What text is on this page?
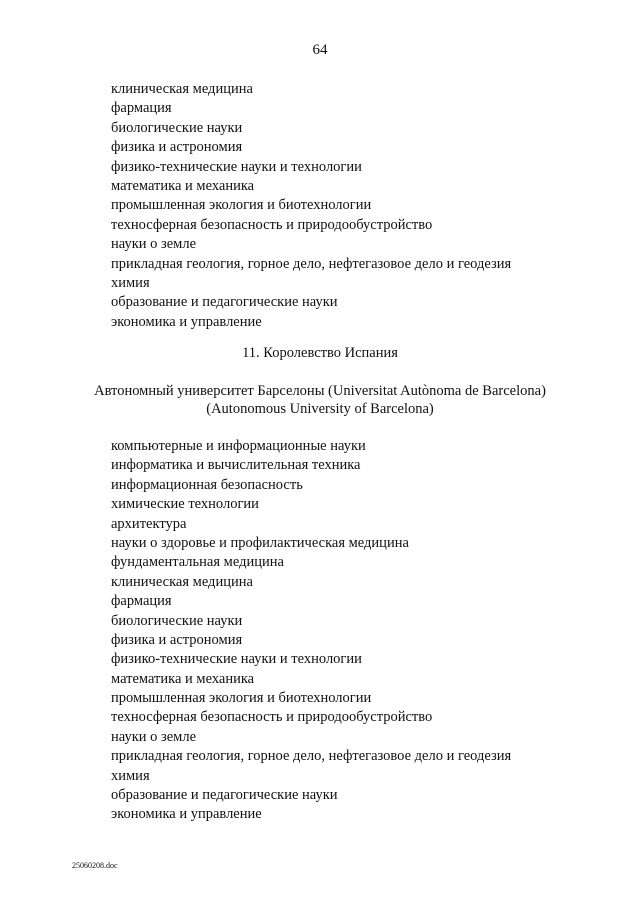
64
клиническая медицина
фармация
биологические науки
физика и астрономия
физико-технические науки и технологии
математика и механика
промышленная экология и биотехнологии
техносферная безопасность и природообустройство
науки о земле
прикладная геология, горное дело, нефтегазовое дело и геодезия
химия
образование и педагогические науки
экономика и управление
11. Королевство Испания
Автономный университет Барселоны (Universitat Autònoma de Barcelona)
(Autonomous University of Barcelona)
компьютерные и информационные науки
информатика и вычислительная техника
информационная безопасность
химические технологии
архитектура
науки о здоровье и профилактическая медицина
фундаментальная медицина
клиническая медицина
фармация
биологические науки
физика и астрономия
физико-технические науки и технологии
математика и механика
промышленная экология и биотехнологии
техносферная безопасность и природообустройство
науки о земле
прикладная геология, горное дело, нефтегазовое дело и геодезия
химия
образование и педагогические науки
экономика и управление
25060208.doc
